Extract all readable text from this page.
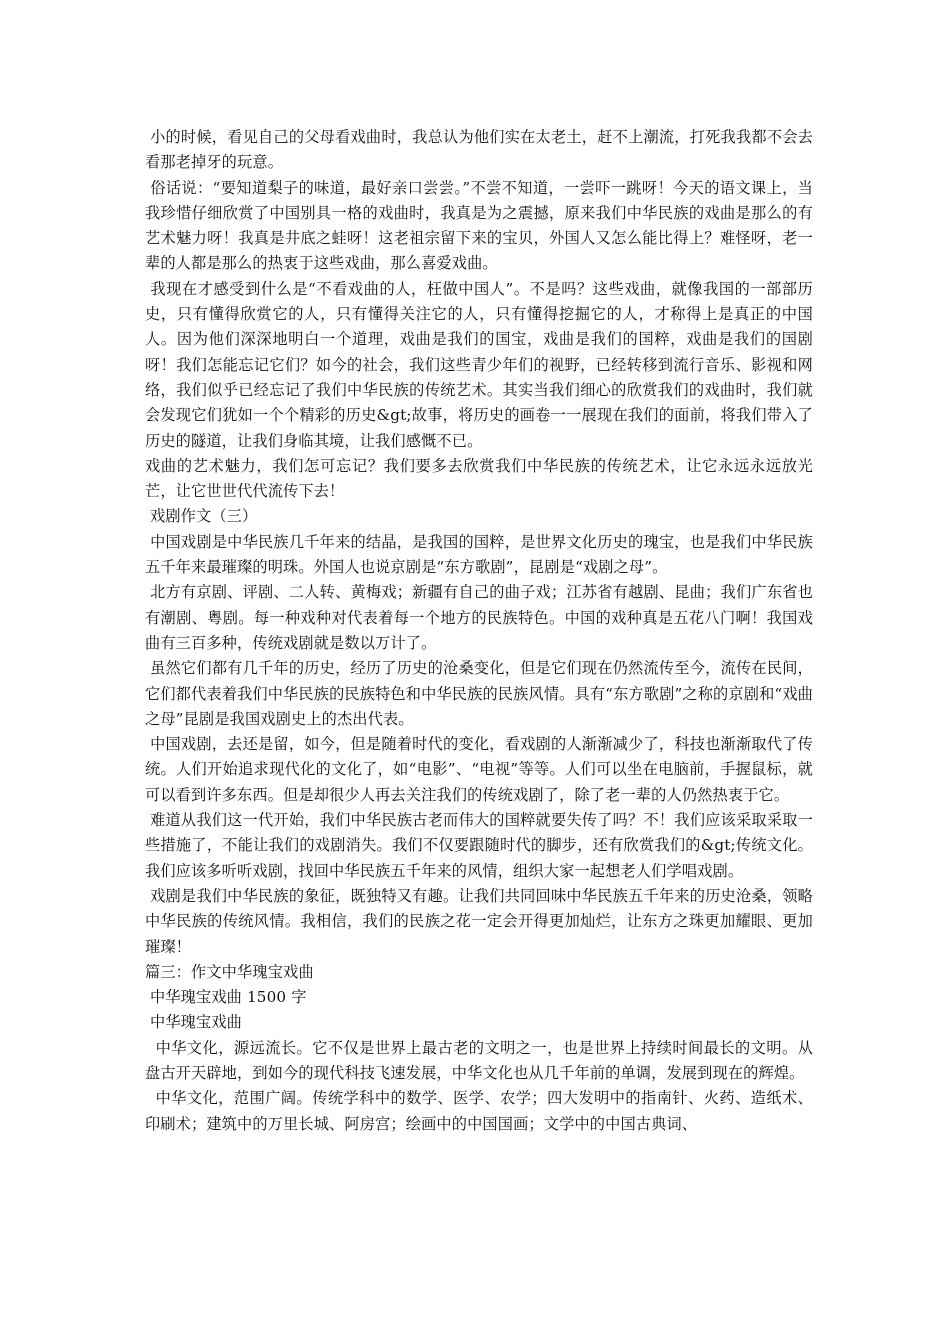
小的时候，看见自己的父母看戏曲时，我总认为他们实在太老土，赶不上潮流，打死我我都不会去看那老掉牙的玩意。

俗话说：“要知道梨子的味道，最好亲口尝尝。”不尝不知道，一尝吓一跳呀！今天的语文课上，当我珍惜仔细欣赏了中国别具一格的戏曲时，我真是为之震撼，原来我们中华民族的戏曲是那么的有艺术魅力呀！我真是井底之蛙呀！这老祖宗留下来的宝贝，外国人又怎么能比得上？难怪呀，老一辈的人都是那么的热衷于这些戏曲，那么喜爱戏曲。

我现在才感受到什么是“不看戏曲的人，枉做中国人”。不是吗？这些戏曲，就像我国的一部部历史，只有懂得欣赏它的人，只有懂得关注它的人，只有懂得挖掘它的人，才称得上是真正的中国人。因为他们深深地明白一个道理，戏曲是我们的国宝，戏曲是我们的国粹，戏曲是我们的国剧呀！我们怎能忘记它们？如今的社会，我们这些青少年们的视野，已经转移到流行音乐、影视和网络，我们似乎已经忘记了我们中华民族的传统艺术。其实当我们细心的欣赏我们的戏曲时，我们就会发现它们犹如一个个精彩的历史&gt;故事，将历史的画卷一一展现在我们的面前，将我们带入了历史的隧道，让我们身临其境，让我们感慨不已。

戏曲的艺术魅力，我们怎可忘记？我们要多去欣赏我们中华民族的传统艺术，让它永远永远放光芒，让它世世代代流传下去！

戏剧作文（三）

中国戏剧是中华民族几千年来的结晶，是我国的国粹，是世界文化历史的瑰宝，也是我们中华民族五千年来最璀璨的明珠。外国人也说京剧是“东方歌剧”，昆剧是“戏剧之母”。

北方有京剧、评剧、二人转、黄梅戏；新疆有自己的曲子戏；江苏省有越剧、昆曲；我们广东省也有潮剧、粤剧。每一种戏种对代表着每一个地方的民族特色。中国的戏种真是五花八门啊！我国戏曲有三百多种，传统戏剧就是数以万计了。

虽然它们都有几千年的历史，经历了历史的沧桑变化，但是它们现在仍然流传至今，流传在民间，它们都代表着我们中华民族的民族特色和中华民族的民族风情。具有“东方歌剧”之称的京剧和“戏曲之母”昆剧是我国戏剧史上的杰出代表。

中国戏剧，去还是留，如今，但是随着时代的变化，看戏剧的人渐渐减少了，科技也渐渐取代了传统。人们开始追求现代化的文化了，如“电影”、“电视”等等。人们可以坐在电脑前，手握鼠标，就可以看到许多东西。但是却很少人再去关注我们的传统戏剧了，除了老一辈的人仍然热衷于它。

难道从我们这一代开始，我们中华民族古老而伟大的国粹就要失传了吗？不！我们应该采取采取一些措施了，不能让我们的戏剧消失。我们不仅要跟随时代的脚步，还有欣赏我们的&gt;传统文化。我们应该多听听戏剧，找回中华民族五千年来的风情，组织大家一起想老人们学唱戏剧。

戏剧是我们中华民族的象征，既独特又有趣。让我们共同回味中华民族五千年来的历史沧桑，领略中华民族的传统风情。我相信，我们的民族之花一定会开得更加灿烂，让东方之珠更加耀眼、更加璀璨！

篇三：作文中华瑰宝戏曲

中华瑰宝戏曲 1500 字

中华瑰宝戏曲

中华文化，源远流长。它不仅是世界上最古老的文明之一，也是世界上持续时间最长的文明。从盘古开天辟地，到如今的现代科技飞速发展，中华文化也从几千年前的单调，发展到现在的辉煌。

中华文化，范围广阔。传统学科中的数学、医学、农学；四大发明中的指南针、火药、造纸术、印刷术；建筑中的万里长城、阿房宫；绘画中的中国国画；文学中的中国古典词、
